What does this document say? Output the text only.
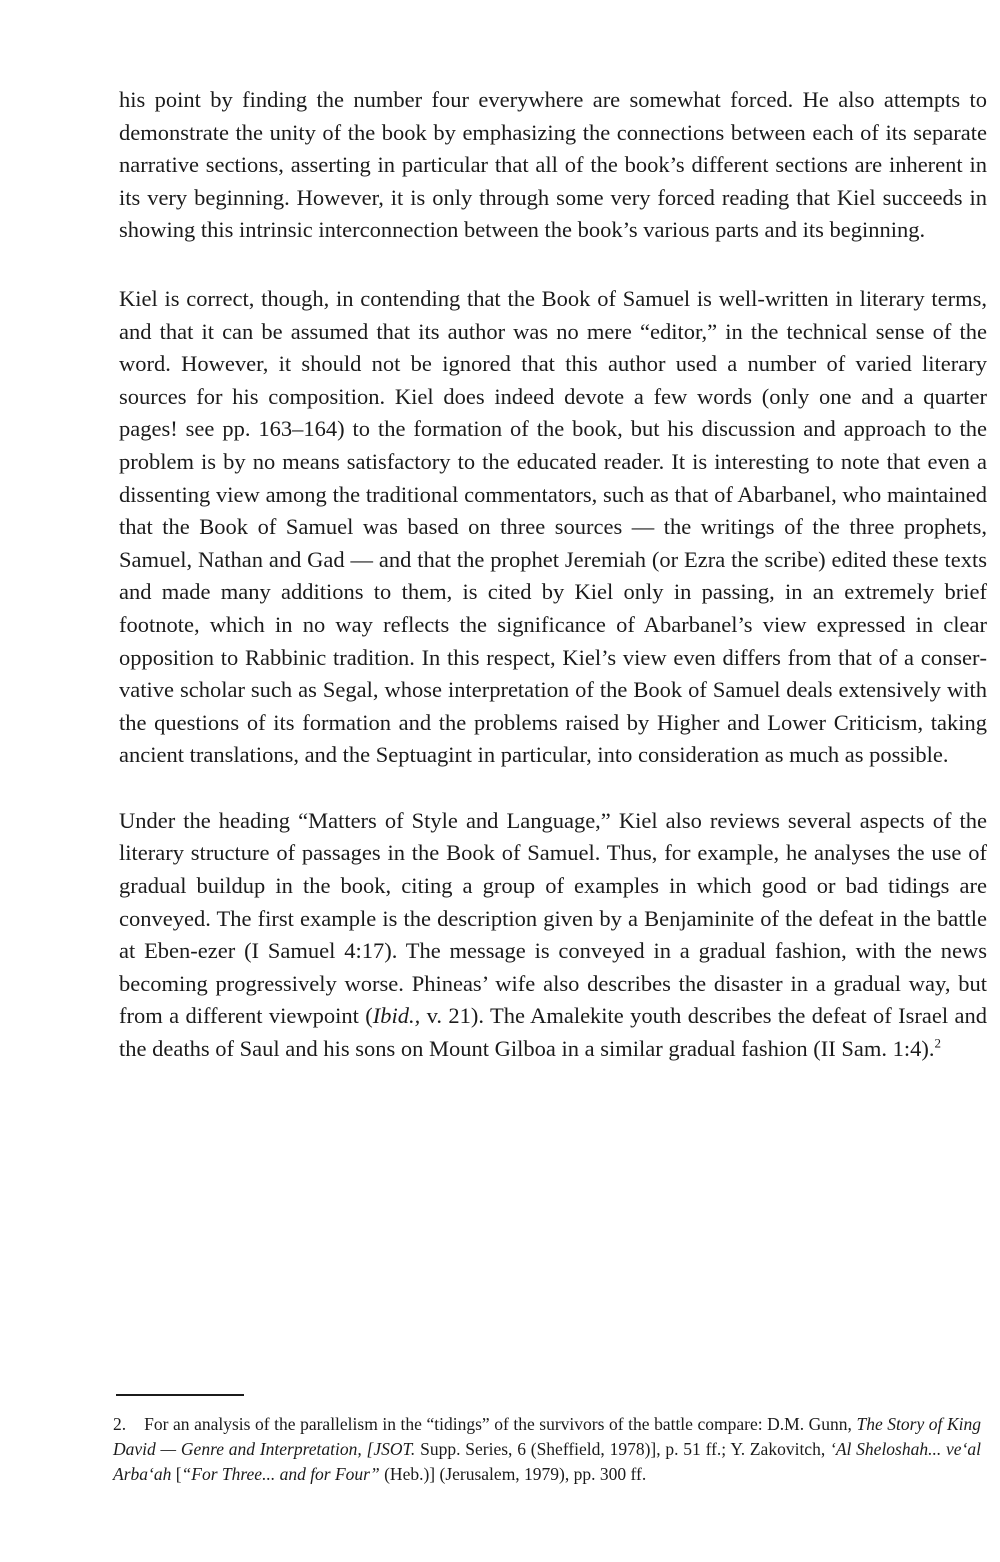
his point by finding the number four everywhere are somewhat forced. He also attempts to demonstrate the unity of the book by emphasizing the connections between each of its separate narrative sections, asserting in particular that all of the book’s different sections are inherent in its very beginning. However, it is only through some very forced reading that Kiel succeeds in showing this intrinsic interconnection between the book’s various parts and its beginning.

Kiel is correct, though, in contending that the Book of Samuel is well-written in literary terms, and that it can be assumed that its author was no mere “editor,” in the technical sense of the word. However, it should not be ignored that this author used a number of varied literary sources for his composition. Kiel does indeed devote a few words (only one and a quarter pages! see pp. 163–164) to the formation of the book, but his discussion and approach to the problem is by no means satisfactory to the educated reader. It is interesting to note that even a dissenting view among the traditional commentators, such as that of Abarbanel, who maintained that the Book of Samuel was based on three sources — the writings of the three prophets, Samuel, Nathan and Gad — and that the prophet Jeremiah (or Ezra the scribe) edited these texts and made many additions to them, is cited by Kiel only in passing, in an extremely brief footnote, which in no way reflects the significance of Abarbanel’s view expressed in clear opposition to Rabbinic tradition. In this respect, Kiel’s view even differs from that of a conservative scholar such as Segal, whose interpretation of the Book of Samuel deals extensively with the questions of its formation and the problems raised by Higher and Lower Criticism, taking ancient translations, and the Septuagint in particular, into consideration as much as possible.

Under the heading “Matters of Style and Language,” Kiel also reviews several aspects of the literary structure of passages in the Book of Samuel. Thus, for example, he analyses the use of gradual buildup in the book, citing a group of examples in which good or bad tidings are conveyed. The first example is the description given by a Benjaminite of the defeat in the battle at Eben-ezer (I Samuel 4:17). The message is conveyed in a gradual fashion, with the news becoming progressively worse. Phineas’ wife also describes the disaster in a gradual way, but from a different viewpoint (Ibid., v. 21). The Amalekite youth describes the defeat of Israel and the deaths of Saul and his sons on Mount Gilboa in a similar gradual fashion (II Sam. 1:4).$^2$

2. For an analysis of the parallelism in the “tidings” of the survivors of the battle compare: D.M. Gunn, The Story of King David — Genre and Interpretation, [JSOT. Supp. Series, 6 (Sheffield, 1978)], p. 51 ff.; Y. Zakovitch, ‘Al Sheloshah... ve‘al Arba‘ah [“For Three... and for Four” (Heb.)] (Jerusalem, 1979), pp. 300 ff.
